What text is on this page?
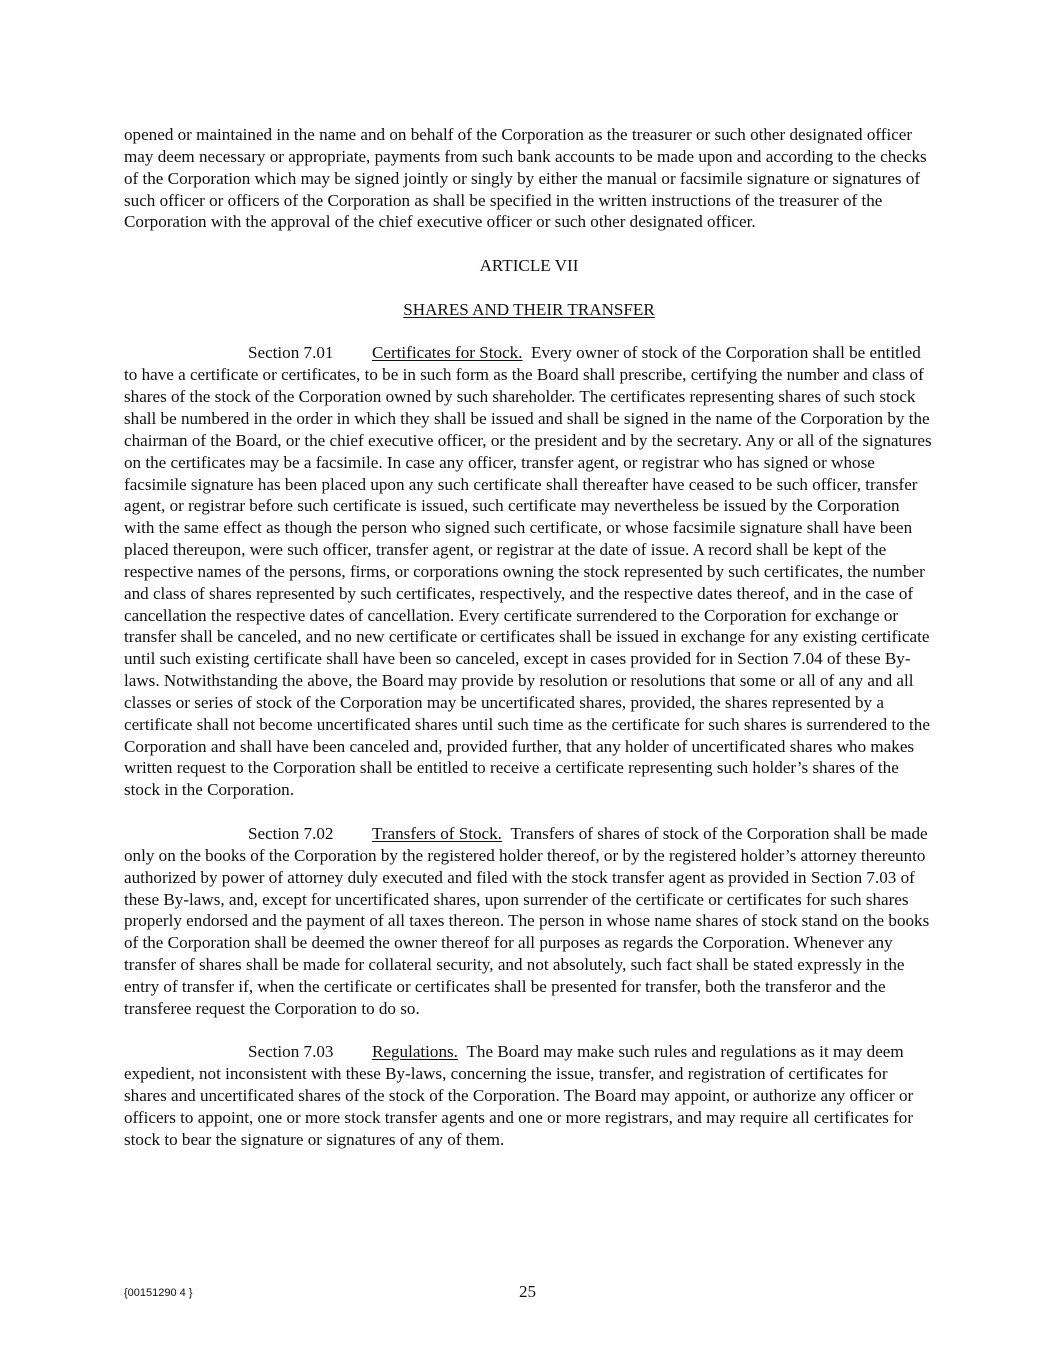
opened or maintained in the name and on behalf of the Corporation as the treasurer or such other designated officer may deem necessary or appropriate, payments from such bank accounts to be made upon and according to the checks of the Corporation which may be signed jointly or singly by either the manual or facsimile signature or signatures of such officer or officers of the Corporation as shall be specified in the written instructions of the treasurer of the Corporation with the approval of the chief executive officer or such other designated officer.

ARTICLE VII

SHARES AND THEIR TRANSFER

Section 7.01 Certificates for Stock. Every owner of stock of the Corporation shall be entitled to have a certificate or certificates, to be in such form as the Board shall prescribe, certifying the number and class of shares of the stock of the Corporation owned by such shareholder. The certificates representing shares of such stock shall be numbered in the order in which they shall be issued and shall be signed in the name of the Corporation by the chairman of the Board, or the chief executive officer, or the president and by the secretary. Any or all of the signatures on the certificates may be a facsimile. In case any officer, transfer agent, or registrar who has signed or whose facsimile signature has been placed upon any such certificate shall thereafter have ceased to be such officer, transfer agent, or registrar before such certificate is issued, such certificate may nevertheless be issued by the Corporation with the same effect as though the person who signed such certificate, or whose facsimile signature shall have been placed thereupon, were such officer, transfer agent, or registrar at the date of issue. A record shall be kept of the respective names of the persons, firms, or corporations owning the stock represented by such certificates, the number and class of shares represented by such certificates, respectively, and the respective dates thereof, and in the case of cancellation the respective dates of cancellation. Every certificate surrendered to the Corporation for exchange or transfer shall be canceled, and no new certificate or certificates shall be issued in exchange for any existing certificate until such existing certificate shall have been so canceled, except in cases provided for in Section 7.04 of these By-laws. Notwithstanding the above, the Board may provide by resolution or resolutions that some or all of any and all classes or series of stock of the Corporation may be uncertificated shares, provided, the shares represented by a certificate shall not become uncertificated shares until such time as the certificate for such shares is surrendered to the Corporation and shall have been canceled and, provided further, that any holder of uncertificated shares who makes written request to the Corporation shall be entitled to receive a certificate representing such holder’s shares of the stock in the Corporation.

Section 7.02 Transfers of Stock. Transfers of shares of stock of the Corporation shall be made only on the books of the Corporation by the registered holder thereof, or by the registered holder’s attorney thereunto authorized by power of attorney duly executed and filed with the stock transfer agent as provided in Section 7.03 of these By-laws, and, except for uncertificated shares, upon surrender of the certificate or certificates for such shares properly endorsed and the payment of all taxes thereon. The person in whose name shares of stock stand on the books of the Corporation shall be deemed the owner thereof for all purposes as regards the Corporation. Whenever any transfer of shares shall be made for collateral security, and not absolutely, such fact shall be stated expressly in the entry of transfer if, when the certificate or certificates shall be presented for transfer, both the transferor and the transferee request the Corporation to do so.

Section 7.03 Regulations. The Board may make such rules and regulations as it may deem expedient, not inconsistent with these By-laws, concerning the issue, transfer, and registration of certificates for shares and uncertificated shares of the stock of the Corporation. The Board may appoint, or authorize any officer or officers to appoint, one or more stock transfer agents and one or more registrars, and may require all certificates for stock to bear the signature or signatures of any of them.

{00151290 4 }	25
